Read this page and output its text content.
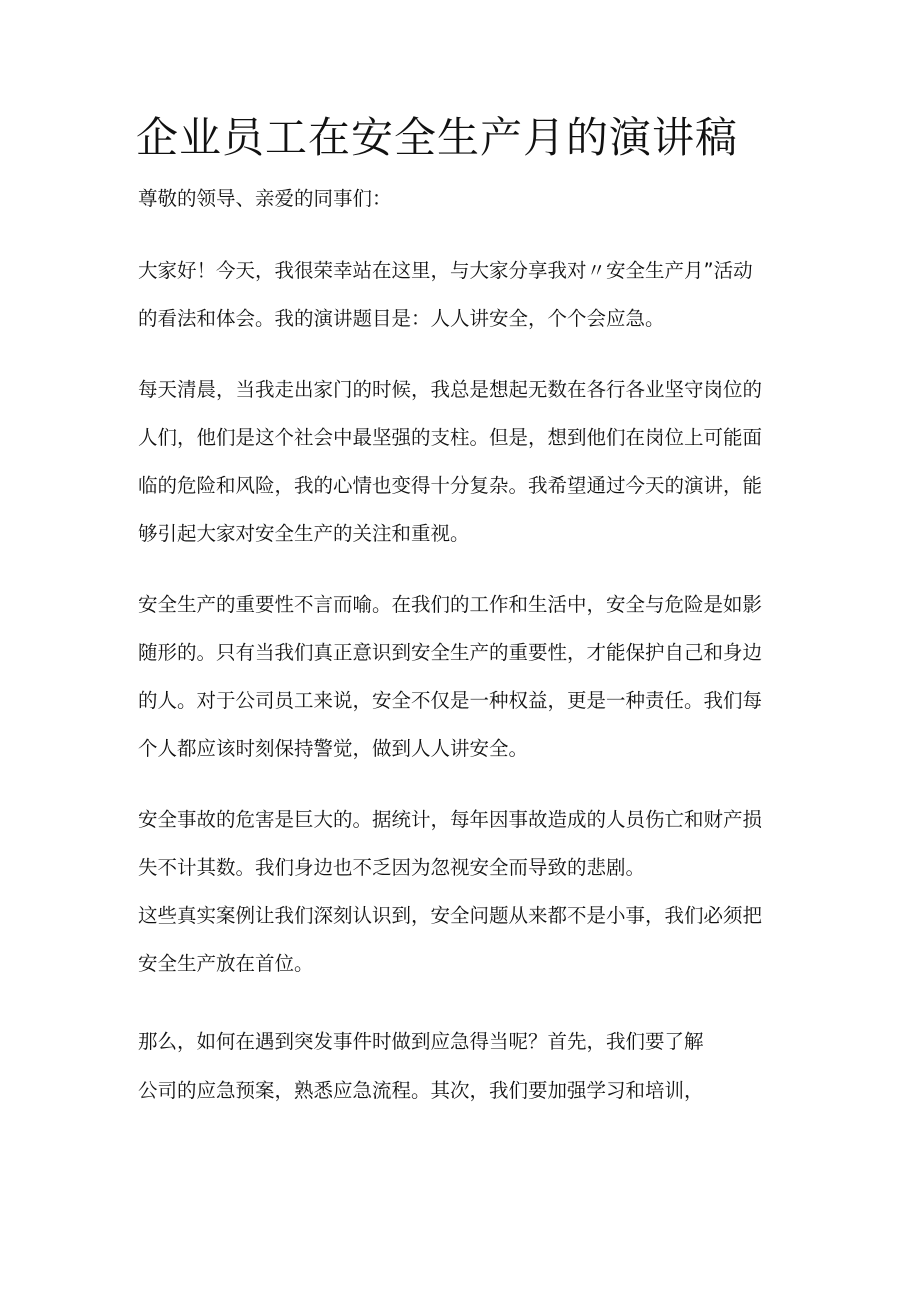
企业员工在安全生产月的演讲稿

尊敬的领导、亲爱的同事们：

大家好！今天，我很荣幸站在这里，与大家分享我对〃安全生产月”活动

的看法和体会。我的演讲题目是：人人讲安全，个个会应急。

每天清晨，当我走出家门的时候，我总是想起无数在各行各业坚守岗位的

人们，他们是这个社会中最坚强的支柱。但是，想到他们在岗位上可能面

临的危险和风险，我的心情也变得十分复杂。我希望通过今天的演讲，能

够引起大家对安全生产的关注和重视。

安全生产的重要性不言而喻。在我们的工作和生活中，安全与危险是如影

随形的。只有当我们真正意识到安全生产的重要性，才能保护自己和身边

的人。对于公司员工来说，安全不仅是一种权益，更是一种责任。我们每

个人都应该时刻保持警觉，做到人人讲安全。

安全事故的危害是巨大的。据统计，每年因事故造成的人员伤亡和财产损

失不计其数。我们身边也不乏因为忽视安全而导致的悲剧。

这些真实案例让我们深刻认识到，安全问题从来都不是小事，我们必须把

安全生产放在首位。

那么，如何在遇到突发事件时做到应急得当呢？首先，我们要了解

公司的应急预案，熟悉应急流程。其次，我们要加强学习和培训，
